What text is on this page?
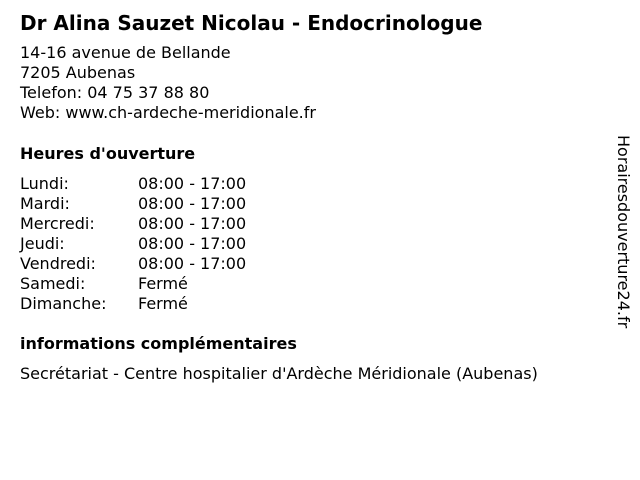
Dr Alina Sauzet Nicolau - Endocrinologue
14-16 avenue de Bellande
7205 Aubenas
Telefon: 04 75 37 88 80
Web: www.ch-ardeche-meridionale.fr
Heures d'ouverture
Lundi:	08:00 - 17:00
Mardi:	08:00 - 17:00
Mercredi:	08:00 - 17:00
Jeudi:	08:00 - 17:00
Vendredi:	08:00 - 17:00
Samedi:	Fermé
Dimanche: Fermé
informations complémentaires
Secrétariat - Centre hospitalier d'Ardèche Méridionale (Aubenas)
Horairesdouverture24.fr
